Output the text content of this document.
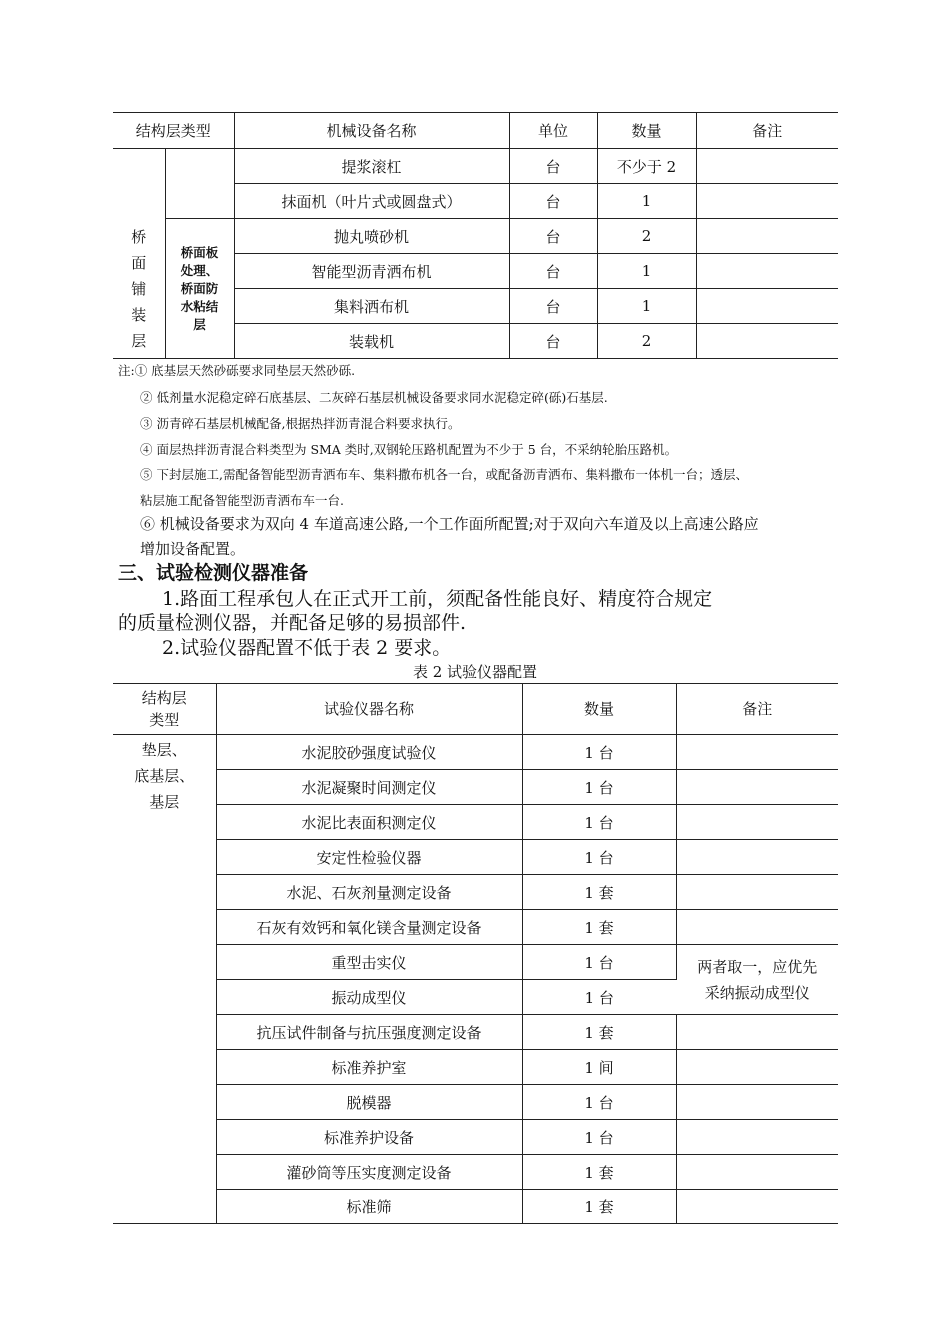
结构层类型		机械设备名称	单位	数量	备注

桥
面
铺
装
层		提浆滚杠	台	不少于 2	
		抹面机（叶片式或圆盘式）	台	1	

	桥面板
处理、
桥面防
水粘结
层	抛丸喷砂机	台	2	
		智能型沥青洒布机	台	1	
		集料洒布机	台	1	
		装载机	台	2	
注:① 底基层天然砂砾要求同垫层天然砂砾.
② 低剂量水泥稳定碎石底基层、二灰碎石基层机械设备要求同水泥稳定碎(砾)石基层.
③ 沥青碎石基层机械配备,根据热拌沥青混合料要求执行。
④ 面层热拌沥青混合料类型为 SMA 类时,双钢轮压路机配置为不少于 5 台，不采纳轮胎压路机。
⑤ 下封层施工,需配备智能型沥青洒布车、集料撒布机各一台，或配备沥青洒布、集料撒布一体机一台；透层、
粘层施工配备智能型沥青洒布车一台.
⑥ 机械设备要求为双向 4 车道高速公路,一个工作面所配置;对于双向六车道及以上高速公路应
增加设备配置。
三、试验检测仪器准备
1.路面工程承包人在正式开工前，须配备性能良好、精度符合规定
的质量检测仪器，并配备足够的易损部件.
2.试验仪器配置不低于表 2 要求。
表 2 试验仪器配置
结构层
类型	试验仪器名称	数量	备注

垫层、
底基层、
基层	水泥胶砂强度试验仪	1 台	
	水泥凝聚时间测定仪	1 台	
	水泥比表面积测定仪	1 台	
	安定性检验仪器	1 台	
	水泥、石灰剂量测定设备	1 套	
	石灰有效钙和氧化镁含量测定设备	1 套	
	重型击实仪	1 台	两者取一，应优先
采纳振动成型仪

	振动成型仪	1 台	
	抗压试件制备与抗压强度测定设备	1 套	
	标准养护室	1 间	
	脱模器	1 台	
	标准养护设备	1 台	
	灌砂筒等压实度测定设备	1 套	
	标准筛	1 套	
